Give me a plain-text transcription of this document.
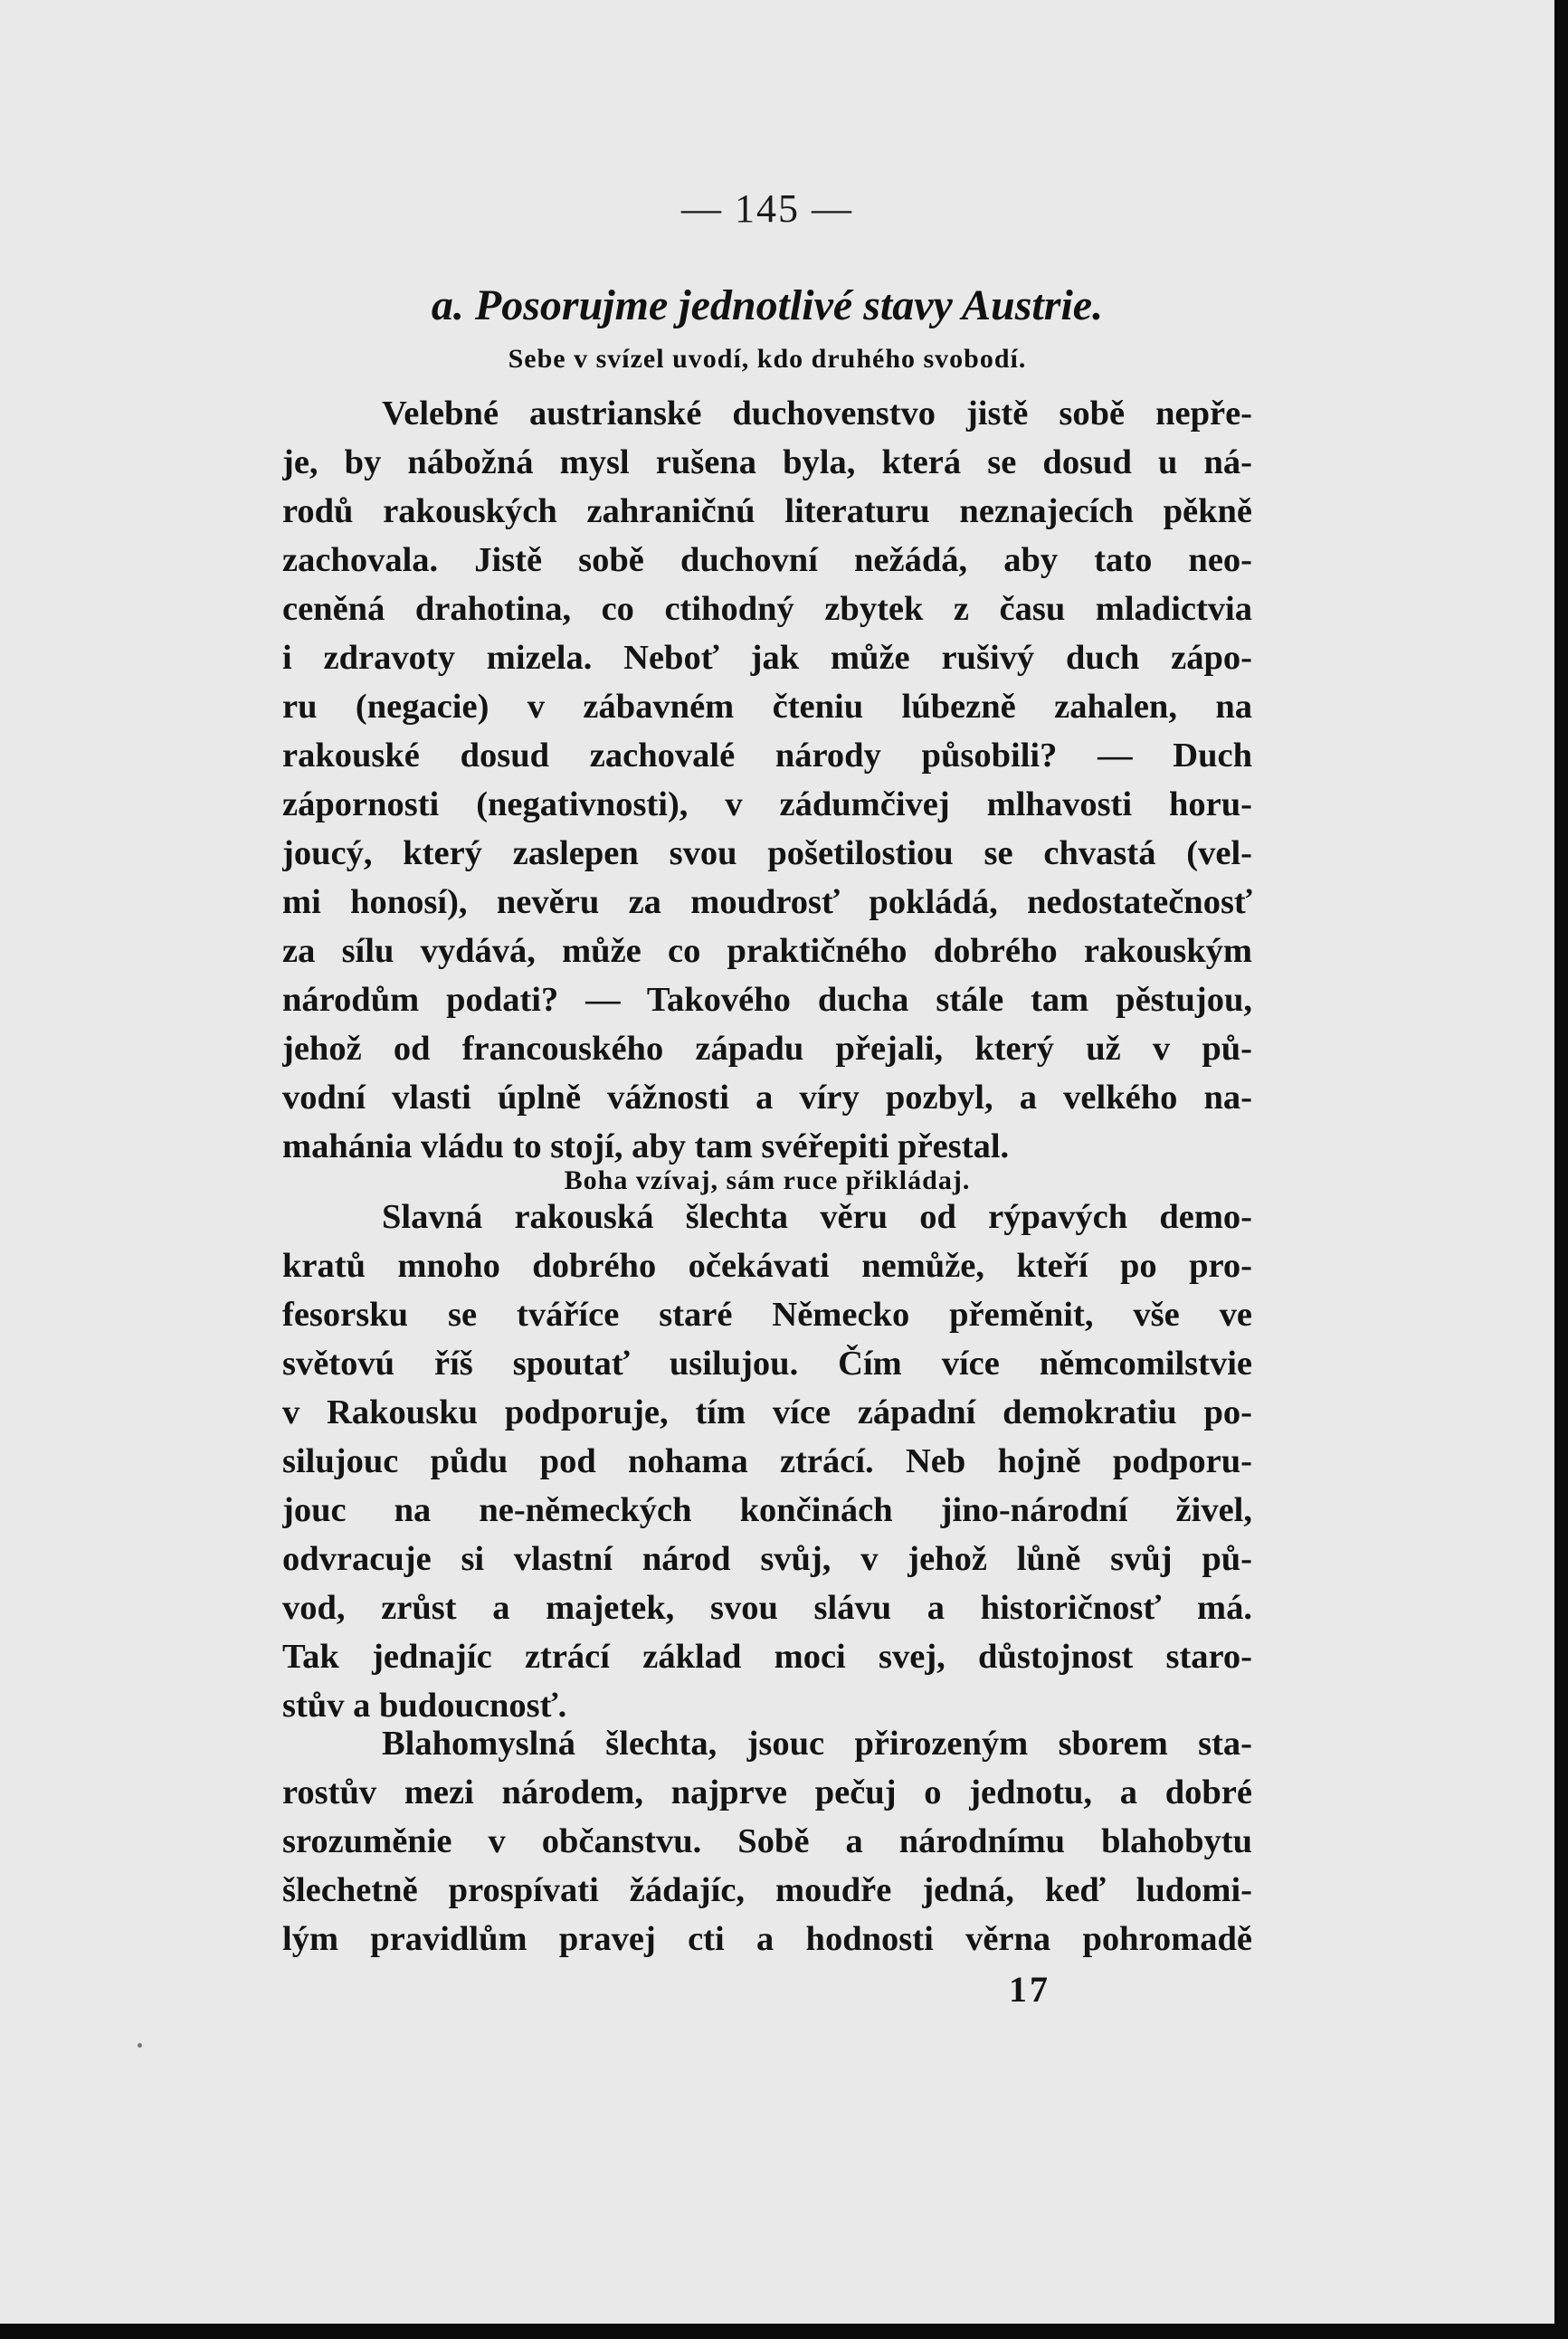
— 145 —
a. Posorujme jednotlivé stavy Austrie.
Sebe v svízel uvodí, kdo druhého svobodí.
Velebné austrianské duchovenstvo jistě sobě nepře-
je, by nábožná mysl rušena byla, která se dosud u ná-
rodů rakouských zahraničnú literaturu neznajecích pěkně
zachovala. Jistě sobě duchovní nežádá, aby tato neo-
ceněná drahotina, co ctihodný zbytek z času mladictvia
i zdravoty mizela. Neboť jak může rušivý duch zápo-
ru (negacie) v zábavném čteniu lúbezně zahalen, na
rakouské dosud zachovalé národy působili? — Duch
zápornosti (negativnosti), v zádumčivej mlhavosti horu-
joucý, který zaslepen svou pošetilostiou se chvastá (vel-
mi honosí), nevěru za moudrosť pokládá, nedostatečnosť
za sílu vydává, může co praktičného dobrého rakouským
národům podati? — Takového ducha stále tam pěstujou,
jehož od francouského západu přejali, který už v pů-
vodní vlasti úplně vážnosti a víry pozbyl, a velkého na-
mahánia vládu to stojí, aby tam svéřepiti přestal.
Boha vzívaj, sám ruce přikládaj.
Slavná rakouská šlechta věru od rýpavých demo-
kratů mnoho dobrého očekávati nemůže, kteří po pro-
fesorsku se tváříce staré Německo přeměnit, vše ve
světovú říš spoutať usilujou. Čím více němcomilstvie
v Rakousku podporuje, tím více západní demokratiu po-
silujouc půdu pod nohama ztrácí. Neb hojně podporu-
jouc na ne-německých končinách jino-národní živel,
odvracuje si vlastní národ svůj, v jehož lůně svůj pů-
vod, zrůst a majetek, svou slávu a historičnosť má.
Tak jednajíc ztrácí základ moci svej, důstojnost staro-
stův a budoucnosť.
Blahomyslná šlechta, jsouc přirozeným sborem sta-
rostův mezi národem, najprve pečuj o jednotu, a dobré
srozuměnie v občanstvu. Sobě a národnímu blahobytu
šlechetně prospívati žádajíc, moudře jedná, keď ludomi-
lým pravidlům pravej cti a hodnosti věrna pohromadě
17
